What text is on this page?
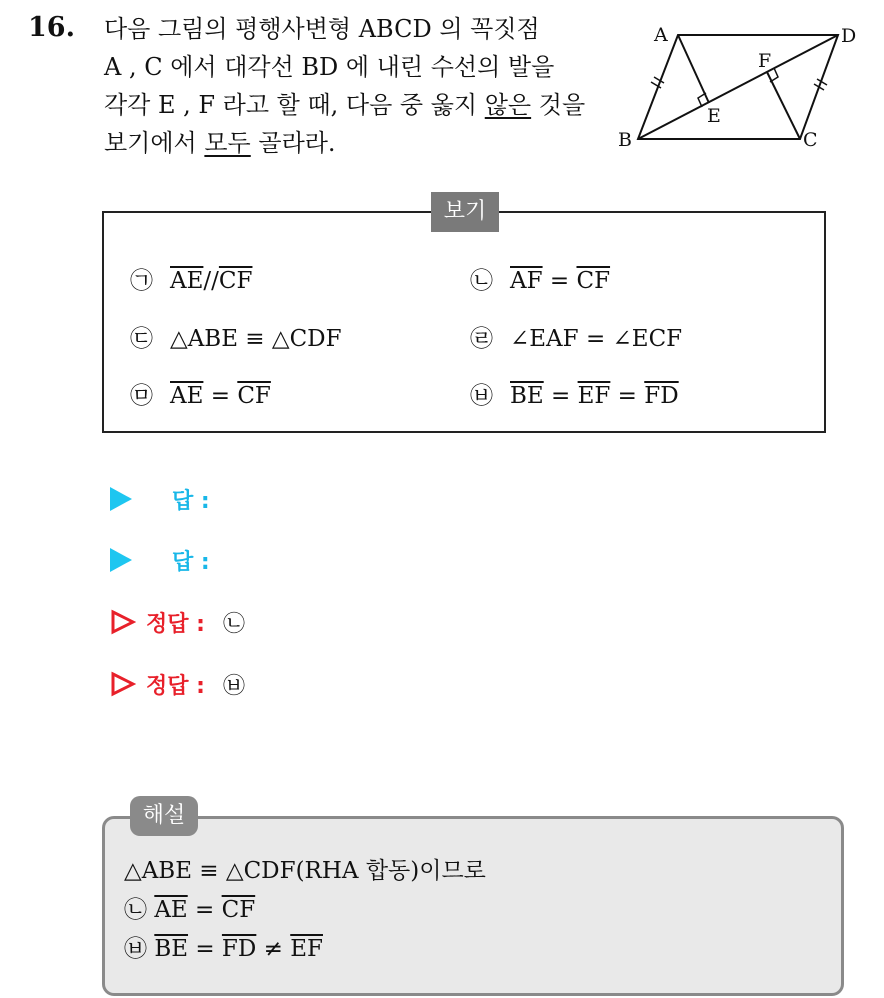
16. 다음 그림의 평행사변형 ABCD 의 꼭짓점
A , C 에서 대각선 BD 에 내린 수선의 발을
각각 E , F 라고 할 때, 다음 중 옳지 않은 것을
보기에서 모두 골라라.
A	D
F
E
B	C
보기
㉠ $\overline{AE}//\overline{CF}$	㉡ $\overline{AF} = \overline{CF}$
㉢ △ABE ≡ △CDF	㉣ ∠EAF = ∠ECF
㉤ $\overline{AE} = \overline{CF}$	㉥ $\overline{BE} = \overline{EF} = \overline{FD}$
답 :
답 :
정답 : ㉡
정답 : ㉥
해설
△ABE ≡ △CDF(RHA 합동)이므로
㉡ $\overline{AE} = \overline{CF}$
㉥ $\overline{BE} = \overline{FD} \ne \overline{EF}$
